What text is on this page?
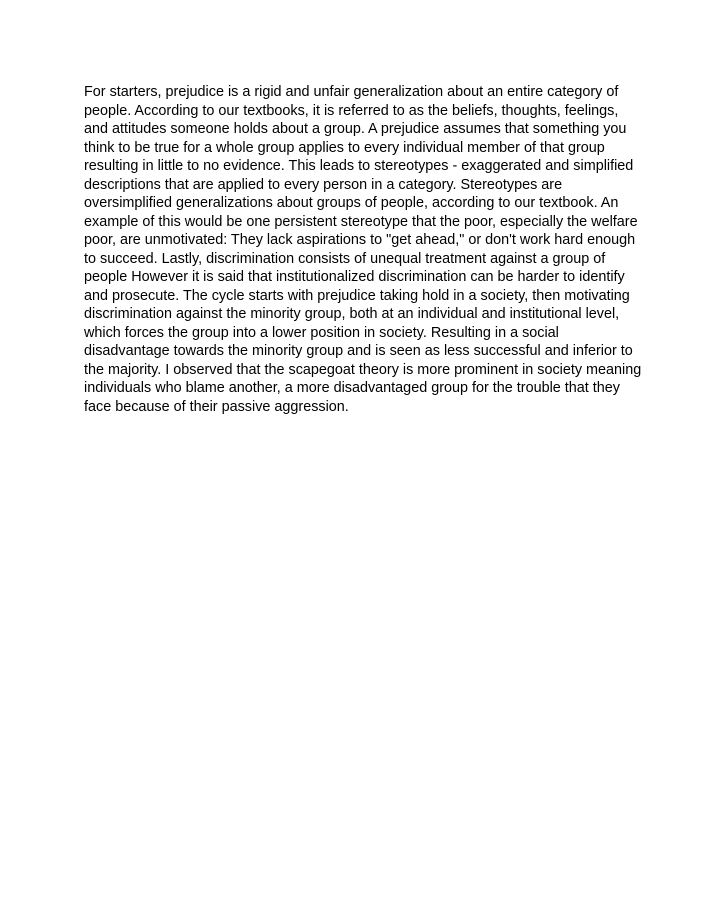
For starters, prejudice is a rigid and unfair generalization about an entire category of
people. According to our textbooks, it is referred to as the beliefs, thoughts, feelings,
and attitudes someone holds about a group. A prejudice assumes that something you
think to be true for a whole group applies to every individual member of that group
resulting in little to no evidence. This leads to stereotypes - exaggerated and simplified
descriptions that are applied to every person in a category. Stereotypes are
oversimplified generalizations about groups of people, according to our textbook. An
example of this would be one persistent stereotype that the poor, especially the welfare
poor, are unmotivated: They lack aspirations to "get ahead," or don't work hard enough
to succeed. Lastly, discrimination consists of unequal treatment against a group of
people However it is said that institutionalized discrimination can be harder to identify
and prosecute. The cycle starts with prejudice taking hold in a society, then motivating
discrimination against the minority group, both at an individual and institutional level,
which forces the group into a lower position in society. Resulting in a social
disadvantage towards the minority group and is seen as less successful and inferior to
the majority. I observed that the scapegoat theory is more prominent in society meaning
individuals who blame another, a more disadvantaged group for the trouble that they
face because of their passive aggression.
